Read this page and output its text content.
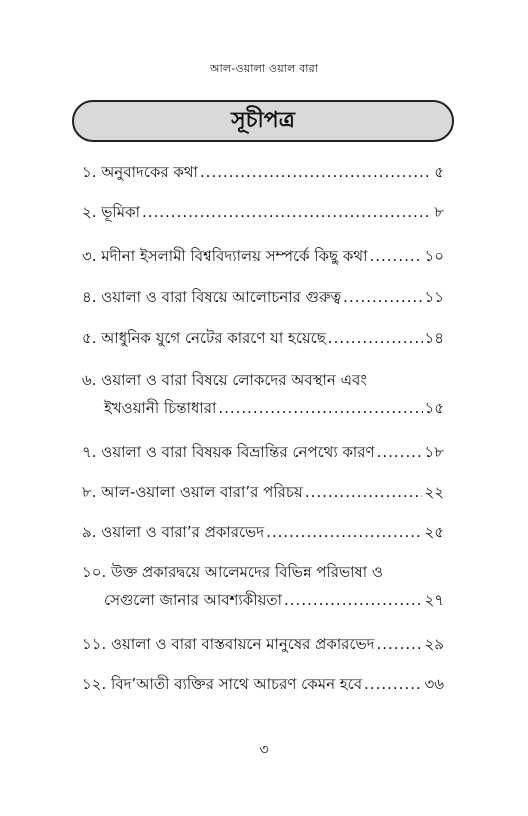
আল-ওয়ালা ওয়াল বারা
সূচীপত্র
১. অনুবাদকের কথা .....	৫
২. ভূমিকা .....	৮
৩. মদীনা ইসলামী বিশ্ববিদ্যালয় সম্পর্কে কিছু কথা .....	১০
৪. ওয়ালা ও বারা বিষয়ে আলোচনার গুরুত্ব .....	১১
৫. আধুনিক যুগে নেটের কারণে যা হয়েছে .....	১৪
৬. ওয়ালা ও বারা বিষয়ে লোকদের অবস্থান এবং
ইখওয়ানী চিন্তাধারা .....	১৫
৭. ওয়ালা ও বারা বিষয়ক বিভ্রান্তির নেপথ্যে কারণ .....	১৮
৮. আল-ওয়ালা ওয়াল বারা’র পরিচয় .....	২২
৯. ওয়ালা ও বারা’র প্রকারভেদ .....	২৫
১০. উক্ত প্রকারদ্বয়ে আলেমদের বিভিন্ন পরিভাষা ও
সেগুলো জানার আবশ্যকীয়তা .....	২৭
১১. ওয়ালা ও বারা বাস্তবায়নে মানুষের প্রকারভেদ .....	২৯
১২. বিদ’আতী ব্যক্তির সাথে আচরণ কেমন হবে .....	৩৬
৩
